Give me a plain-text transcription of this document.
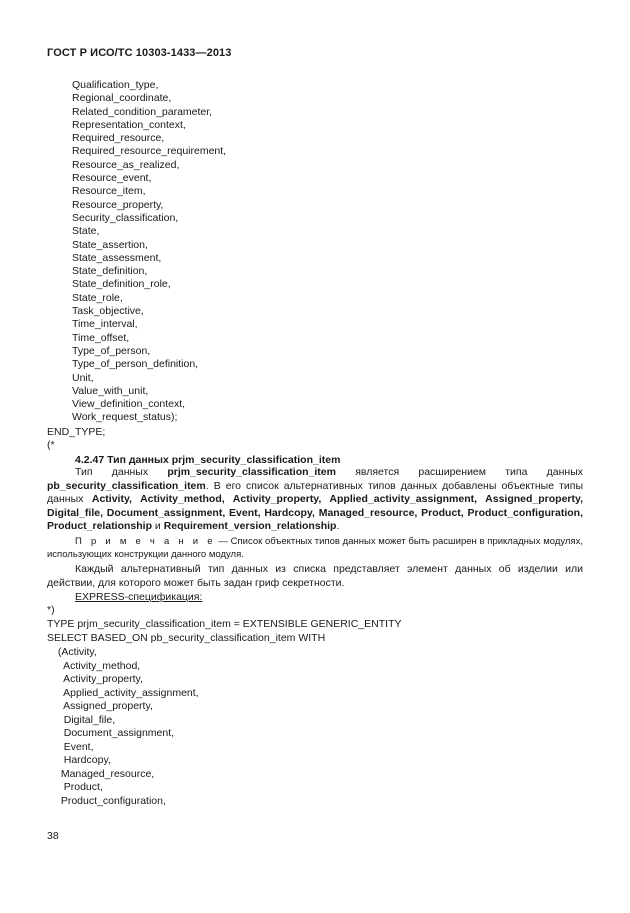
ГОСТ Р ИСО/ТС 10303-1433—2013
Qualification_type,
Regional_coordinate,
Related_condition_parameter,
Representation_context,
Required_resource,
Required_resource_requirement,
Resource_as_realized,
Resource_event,
Resource_item,
Resource_property,
Security_classification,
State,
State_assertion,
State_assessment,
State_definition,
State_definition_role,
State_role,
Task_objective,
Time_interval,
Time_offset,
Type_of_person,
Type_of_person_definition,
Unit,
Value_with_unit,
View_definition_context,
Work_request_status);
END_TYPE;
(*
4.2.47 Тип данных prjm_security_classification_item
Тип данных prjm_security_classification_item является расширением типа данных pb_security_classification_item. В его список альтернативных типов данных добавлены объектные типы данных Activity, Activity_method, Activity_property, Applied_activity_assignment, Assigned_property, Digital_file, Document_assignment, Event, Hardcopy, Managed_resource, Product, Product_configuration, Product_relationship и Requirement_version_relationship.
П р и м е ч а н и е — Список объектных типов данных может быть расширен в прикладных модулях, использующих конструкции данного модуля.
Каждый альтернативный тип данных из списка представляет элемент данных об изделии или действии, для которого может быть задан гриф секретности.
EXPRESS-спецификация:
*)
TYPE prjm_security_classification_item = EXTENSIBLE GENERIC_ENTITY
SELECT BASED_ON pb_security_classification_item WITH
(Activity,
Activity_method,
Activity_property,
Applied_activity_assignment,
Assigned_property,
Digital_file,
Document_assignment,
Event,
Hardcopy,
Managed_resource,
Product,
Product_configuration,
38
